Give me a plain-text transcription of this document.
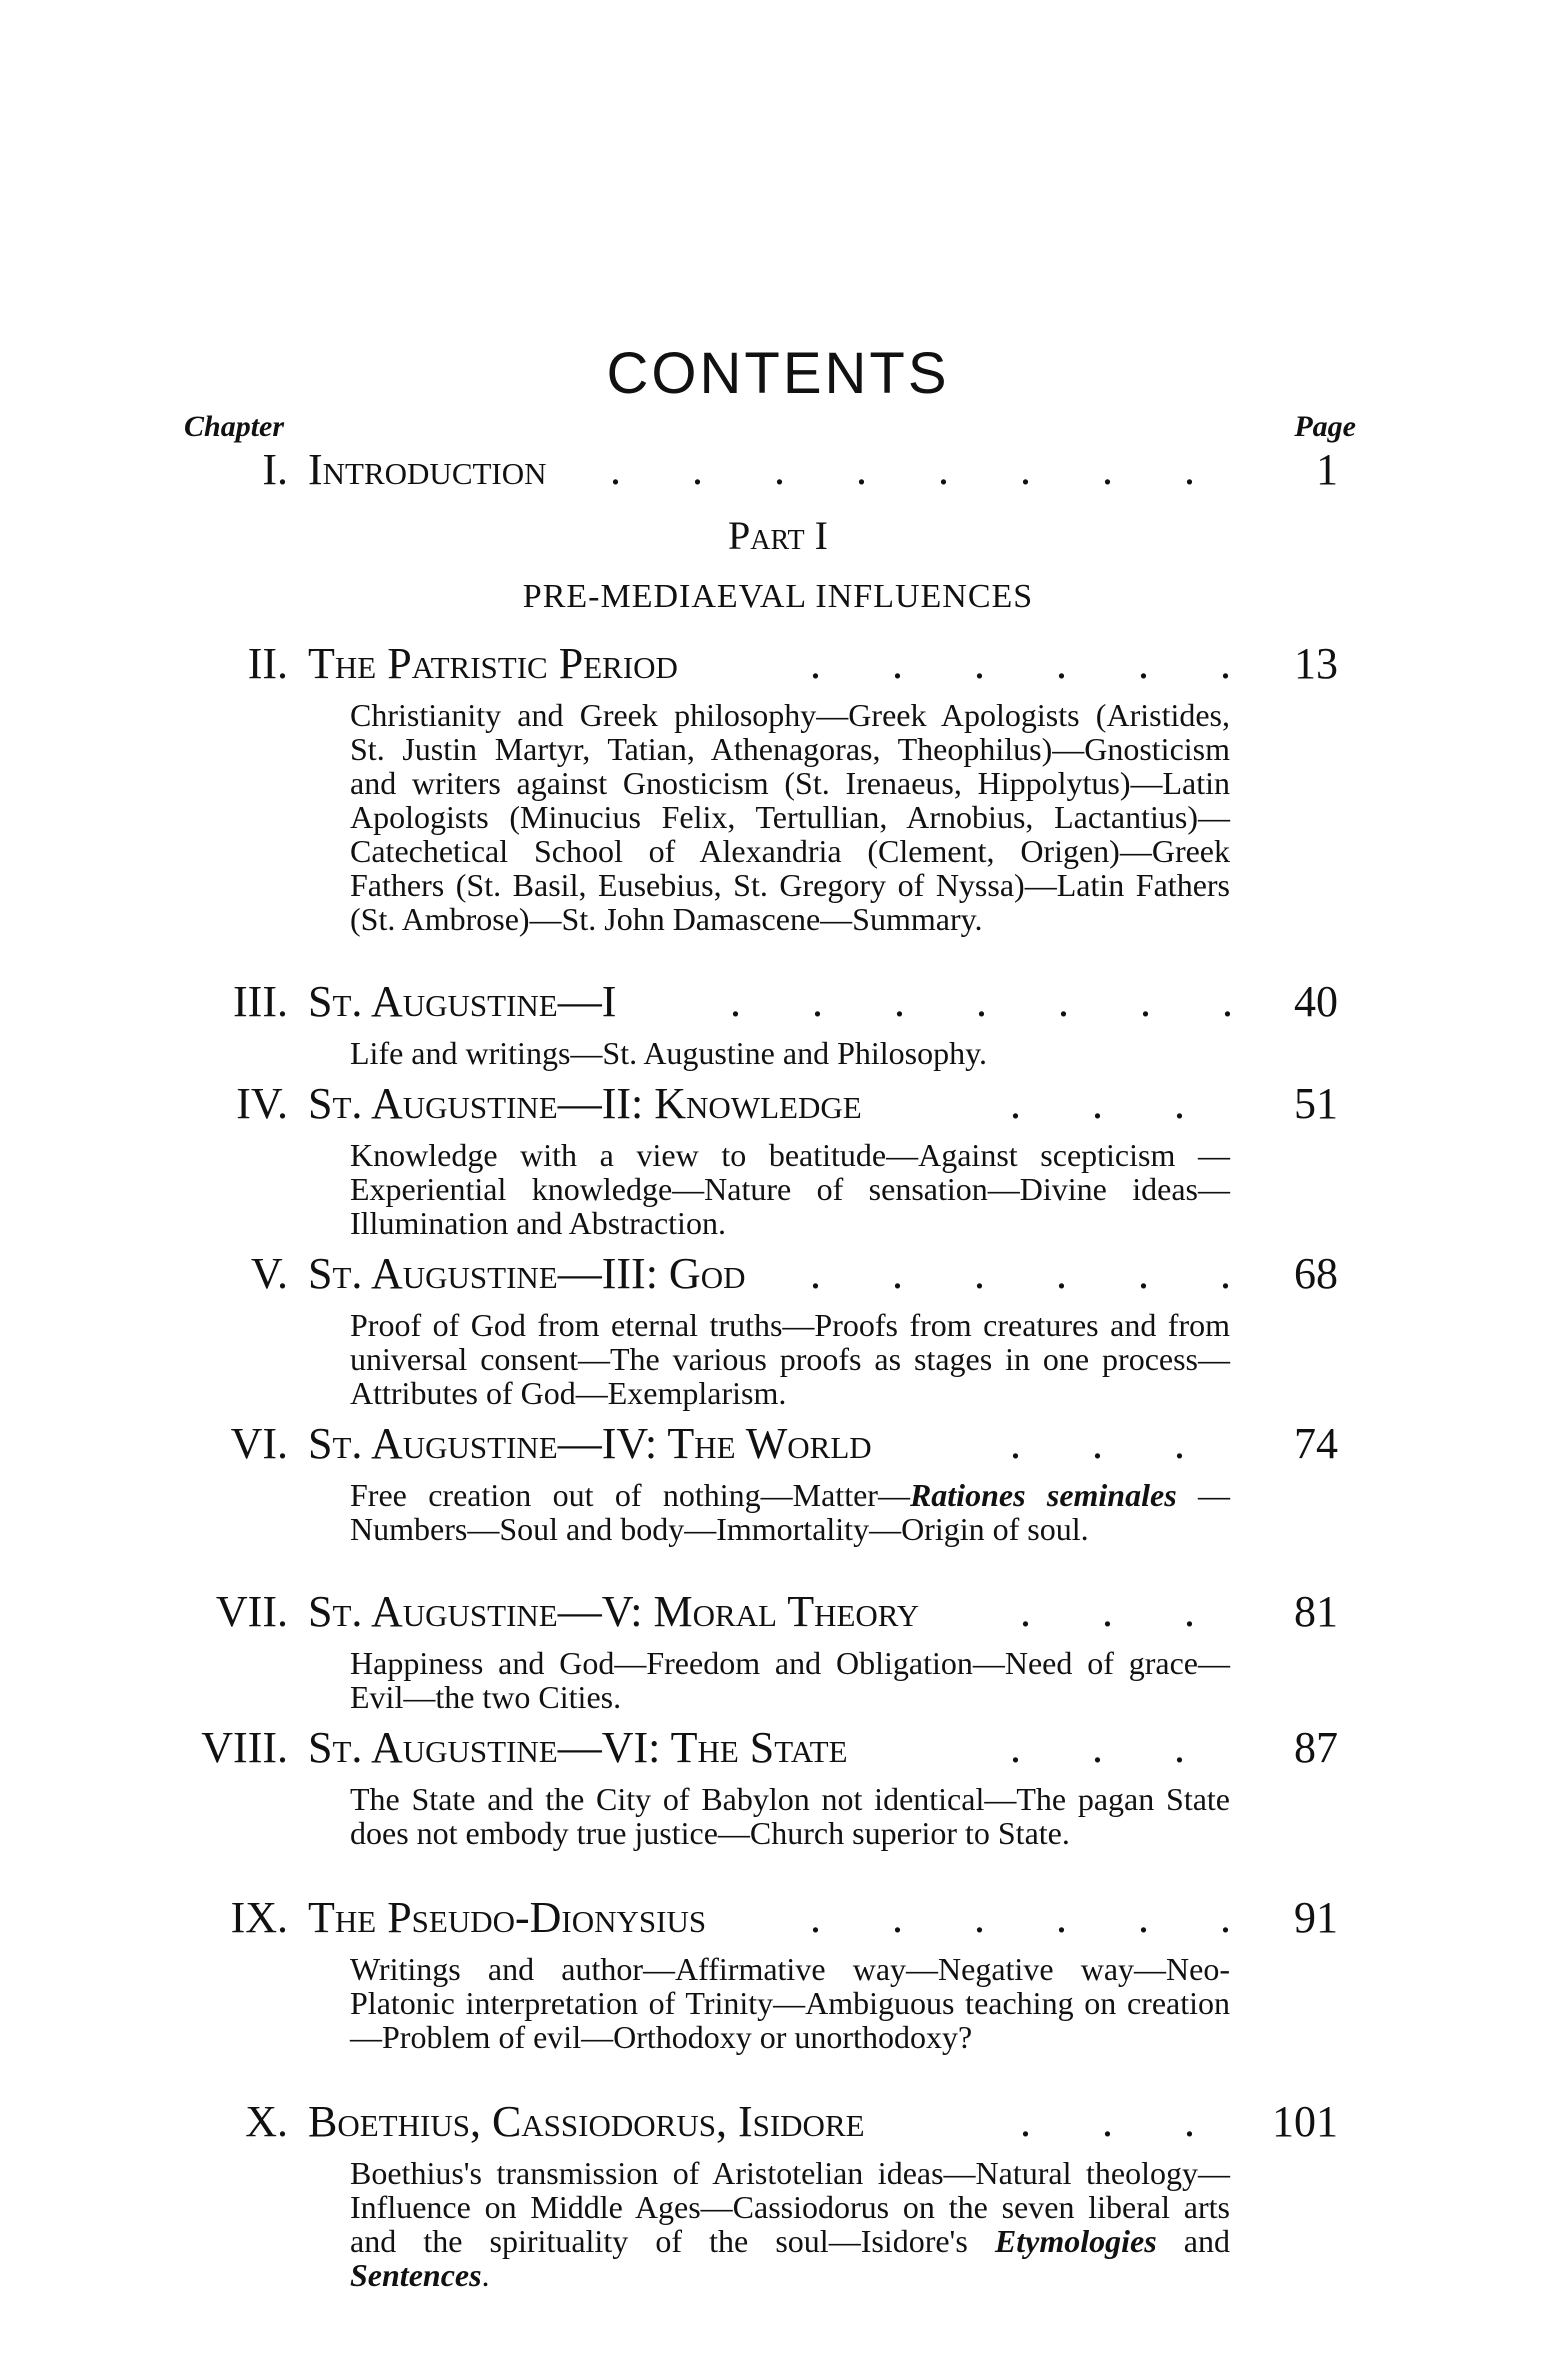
CONTENTS
Chapter	Page
I. Introduction . . . . . . . . 1
Part I
PRE-MEDIAEVAL INFLUENCES
II. The Patristic Period	. . . . . . 13
Christianity and Greek philosophy—Greek Apologists (Aristides, St. Justin Martyr, Tatian, Athenagoras, Theophilus)—Gnosticism and writers against Gnosticism (St. Irenaeus, Hippolytus)—Latin Apologists (Minucius Felix, Tertullian, Arnobius, Lactantius)—Catechetical School of Alexandria (Clement, Origen)—Greek Fathers (St. Basil, Eusebius, St. Gregory of Nyssa)—Latin Fathers (St. Ambrose)—St. John Damascene—Summary.
III. St. Augustine—I	. . . . . . . 40
Life and writings—St. Augustine and Philosophy.
IV. St. Augustine—II: Knowledge	. . . 51
Knowledge with a view to beatitude—Against scepticism —Experiential knowledge—Nature of sensation—Divine ideas—Illumination and Abstraction.
V. St. Augustine—III: God . . . . . . 68
Proof of God from eternal truths—Proofs from creatures and from universal consent—The various proofs as stages in one process—Attributes of God—Exemplarism.
VI. St. Augustine—IV: The World	. . . 74
Free creation out of nothing—Matter—Rationes seminales —Numbers—Soul and body—Immortality—Origin of soul.
VII. St. Augustine—V: Moral Theory . . . 81
Happiness and God—Freedom and Obligation—Need of grace—Evil—the two Cities.
VIII. St. Augustine—VI: The State	. . . 87
The State and the City of Babylon not identical—The pagan State does not embody true justice—Church superior to State.
IX. The Pseudo-Dionysius . . . . . . 91
Writings and author—Affirmative way—Negative way—Neo-Platonic interpretation of Trinity—Ambiguous teaching on creation—Problem of evil—Orthodoxy or unorthodoxy?
X. Boethius, Cassiodorus, Isidore	. . . 101
Boethius's transmission of Aristotelian ideas—Natural theology—Influence on Middle Ages—Cassiodorus on the seven liberal arts and the spirituality of the soul—Isidore's Etymologies and Sentences.
